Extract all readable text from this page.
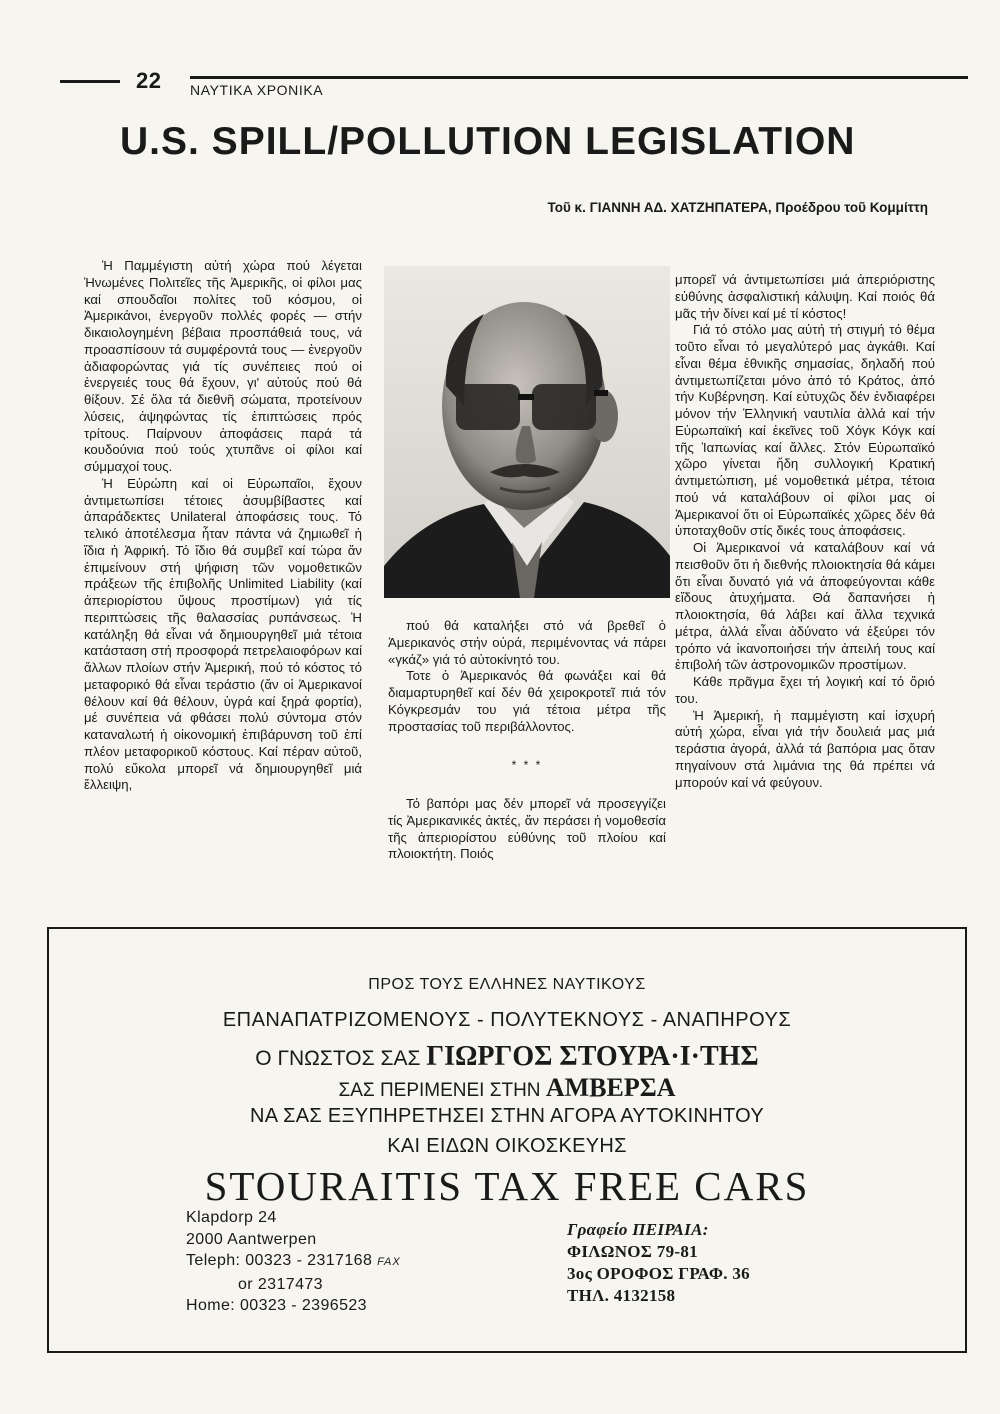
22 ΝΑΥΤΙΚΑ ΧΡΟΝΙΚΑ
U.S. SPILL/POLLUTION LEGISLATION
Τοῦ κ. ΓΙΑΝΝΗ ΑΔ. ΧΑΤΖΗΠΑΤΕΡΑ, Προέδρου τοῦ Κομμίττη

Ἡ Παμμέγιστη αὐτή χώρα πού λέγεται Ἡνωμένες Πολιτεῖες τῆς Ἀμερικῆς, οἱ φίλοι μας καί σπουδαῖοι πολίτες τοῦ κόσμου, οἱ Ἀμερικάνοι, ἐνεργοῦν πολλές φορές — στήν δικαιολογημένη βέβαια προσπάθειά τους, νά προασπίσουν τά συμφέροντά τους — ἐνεργοῦν ἀδιαφορώντας γιά τίς συνέπειες πού οἱ ἐνεργειές τους θά ἔχουν, γι' αὐτούς πού θά θίξουν. Σέ ὅλα τά διεθνῆ σώματα, προτείνουν λύσεις, ἀψηφώντας τίς ἐπιπτώσεις πρός τρίτους. Παίρνουν ἀποφάσεις παρά τά κουδούνια πού τούς χτυπᾶνε οἱ φίλοι καί σύμμαχοί τους.

Ἡ Εὐρώπη καί οἱ Εὐρωπαῖοι, ἔχουν ἀντιμετωπίσει τέτοιες ἀσυμβίβαστες καί ἀπαράδεκτες Unilateral ἀποφάσεις τους. Τό τελικό ἀποτέλεσμα ἦταν πάντα νά ζημιωθεῖ ἡ ἴδια ἡ Ἀφρική. Τό ἴδιο θά συμβεῖ καί τώρα ἄν ἐπιμείνουν στή ψήφιση τῶν νομοθετικῶν πράξεων τῆς ἐπιβολῆς Unlimited Liability (καί ἀπεριορίστου ὕψους προστίμων) γιά τίς περιπτώσεις τῆς θαλασσίας ρυπάνσεως. Ἡ κατάληξη θά εἶναι νά δημιουργηθεῖ μιά τέτοια κατάσταση στή προσφορά πετρελαιοφόρων καί ἄλλων πλοίων στήν Ἀμερική, πού τό κόστος τό μεταφορικό θά εἶναι τεράστιο (ἄν οἱ Ἀμερικανοί θέλουν καί θά θέλουν, ὑγρά καί ξηρά φορτία), μέ συνέπεια νά φθάσει πολύ σύντομα στόν καταναλωτή ἡ οἰκονομική ἐπιβάρυνση τοῦ ἐπί πλέον μεταφορικοῦ κόστους. Καί πέραν αὐτοῦ, πολύ εὔκολα μπορεῖ νά δημιουργηθεῖ μιά ἔλλειψη,

πού θά καταλήξει στό νά βρεθεῖ ὁ Ἀμερικανός στήν οὐρά, περιμένοντας νά πάρει «γκάζ» γιά τό αὐτοκίνητό του.

Τοτε ὁ Ἀμερικανός θά φωνάξει καί θά διαμαρτυρηθεῖ καί δέν θά χειροκροτεῖ πιά τόν Κόγκρεσμάν του γιά τέτοια μέτρα τῆς προστασίας τοῦ περιβάλλοντος.

* * *

Τό βαπόρι μας δέν μπορεῖ νά προσεγγίζει τίς Ἀμερικανικές ἀκτές, ἄν περάσει ἡ νομοθεσία τῆς ἀπεριορίστου εὐθύνης τοῦ πλοίου καί πλοιοκτήτη. Ποιός

μπορεῖ νά ἀντιμετωπίσει μιά ἀπεριόριστης εὐθύνης ἀσφαλιστική κάλυψη. Καί ποιός θά μᾶς τήν δίνει καί μέ τί κόστος!

Γιά τό στόλο μας αὐτή τή στιγμή τό θέμα τοῦτο εἶναι τό μεγαλύτερό μας ἀγκάθι. Καί εἶναι θέμα ἐθνικῆς σημασίας, δηλαδή πού ἀντιμετωπίζεται μόνο ἀπό τό Κράτος, ἀπό τήν Κυβέρνηση. Καί εὐτυχῶς δέν ἐνδιαφέρει μόνον τήν Ἑλληνική ναυτιλία ἀλλά καί τήν Εὐρωπαϊκή καί ἐκεῖνες τοῦ Χόγκ Κόγκ καί τῆς Ἰαπωνίας καί ἄλλες. Στόν Εὐρωπαϊκό χῶρο γίνεται ἤδη συλλογική Κρατική ἀντιμετώπιση, μέ νομοθετικά μέτρα, τέτοια πού νά καταλάβουν οἱ φίλοι μας οἱ Ἀμερικανοί ὅτι οἱ Εὐρωπαϊκές χῶρες δέν θά ὑποταχθοῦν στίς δικές τους ἀποφάσεις.

Οἱ Ἀμερικανοί νά καταλάβουν καί νά πεισθοῦν ὅτι ἡ διεθνής πλοιοκτησία θά κάμει ὅτι εἶναι δυνατό γιά νά ἀποφεύγονται κάθε εἴδους ἀτυχήματα. Θά δαπανήσει ἡ πλοιοκτησία, θά λάβει καί ἄλλα τεχνικά μέτρα, ἀλλά εἶναι ἀδύνατο νά ἐξεύρει τόν τρόπο νά ἱκανοποιήσει τήν ἀπειλή τους καί ἐπιβολή τῶν ἀστρονομικῶν προστίμων.

Κάθε πρᾶγμα ἔχει τή λογική καί τό ὅριό του.

Ἡ Ἀμερική, ἡ παμμέγιστη καί ἰσχυρή αὐτή χώρα, εἶναι γιά τήν δουλειά μας μιά τεράστια ἀγορά, ἀλλά τά βαπόρια μας ὅταν πηγαίνουν στά λιμάνια της θά πρέπει νά μπορούν καί νά φεύγουν.

ΠΡΟΣ ΤΟΥΣ ΕΛΛΗΝΕΣ ΝΑΥΤΙΚΟΥΣ
ΕΠΑΝΑΠΑΤΡΙΖΟΜΕΝΟΥΣ - ΠΟΛΥΤΕΚΝΟΥΣ - ΑΝΑΠΗΡΟΥΣ
Ο ΓΝΩΣΤΟΣ ΣΑΣ ΓΙΩΡΓΟΣ ΣΤΟΥΡΑ·Ι·ΤΗΣ
ΣΑΣ ΠΕΡΙΜΕΝΕΙ ΣΤΗΝ ΑΜΒΕΡΣΑ
ΝΑ ΣΑΣ ΕΞΥΠΗΡΕΤΗΣΕΙ ΣΤΗΝ ΑΓΟΡΑ ΑΥΤΟΚΙΝΗΤΟΥ
ΚΑΙ ΕΙΔΩΝ ΟΙΚΟΣΚΕΥΗΣ
STOURAITIS TAX FREE CARS
Klapdorp 24
2000 Aantwerpen
Teleph: 00323 - 2317168 FAX
or 2317473
Home: 00323 - 2396523
Γραφείο ΠΕΙΡΑΙΑ:
ΦΙΛΩΝΟΣ 79-81
3ος ΟΡΟΦΟΣ ΓΡΑΦ. 36
ΤΗΛ. 4132158
